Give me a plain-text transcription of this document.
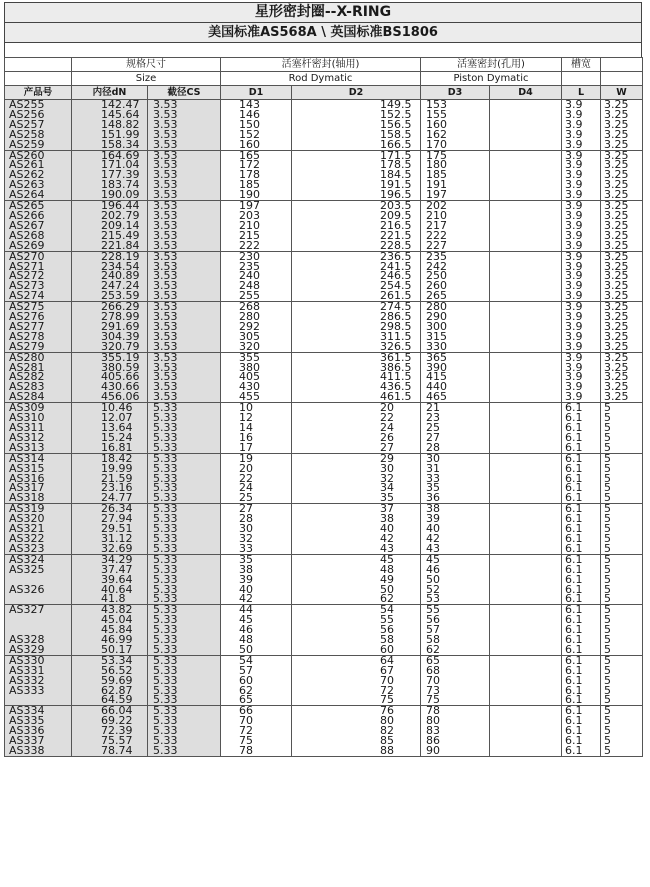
星形密封圈--X-RING
美国标准AS568A \ 英国标准BS1806
	规格尺寸		活塞杆密封(轴用)		活塞密封(孔用)		槽宽	
	Size		Rod Dymatic		Piston Dymatic			
产品号	内径dN	截径CS	D1	D2	D3	D4	L	W
AS255	142.47	3.53	143	149.5	153		3.9	3.25
AS256	145.64	3.53	146	152.5	155		3.9	3.25
AS257	148.82	3.53	150	156.5	160		3.9	3.25
AS258	151.99	3.53	152	158.5	162		3.9	3.25
AS259	158.34	3.53	160	166.5	170		3.9	3.25
AS260	164.69	3.53	165	171.5	175		3.9	3.25
AS261	171.04	3.53	172	178.5	180		3.9	3.25
AS262	177.39	3.53	178	184.5	185		3.9	3.25
AS263	183.74	3.53	185	191.5	191		3.9	3.25
AS264	190.09	3.53	190	196.5	197		3.9	3.25
AS265	196.44	3.53	197	203.5	202		3.9	3.25
AS266	202.79	3.53	203	209.5	210		3.9	3.25
AS267	209.14	3.53	210	216.5	217		3.9	3.25
AS268	215.49	3.53	215	221.5	222		3.9	3.25
AS269	221.84	3.53	222	228.5	227		3.9	3.25
AS270	228.19	3.53	230	236.5	235		3.9	3.25
AS271	234.54	3.53	235	241.5	242		3.9	3.25
AS272	240.89	3.53	240	246.5	250		3.9	3.25
AS273	247.24	3.53	248	254.5	260		3.9	3.25
AS274	253.59	3.53	255	261.5	265		3.9	3.25
AS275	266.29	3.53	268	274.5	280		3.9	3.25
AS276	278.99	3.53	280	286.5	290		3.9	3.25
AS277	291.69	3.53	292	298.5	300		3.9	3.25
AS278	304.39	3.53	305	311.5	315		3.9	3.25
AS279	320.79	3.53	320	326.5	330		3.9	3.25
AS280	355.19	3.53	355	361.5	365		3.9	3.25
AS281	380.59	3.53	380	386.5	390		3.9	3.25
AS282	405.66	3.53	405	411.5	415		3.9	3.25
AS283	430.66	3.53	430	436.5	440		3.9	3.25
AS284	456.06	3.53	455	461.5	465		3.9	3.25
AS309	10.46	5.33	10	20	21		6.1	5
AS310	12.07	5.33	12	22	23		6.1	5
AS311	13.64	5.33	14	24	25		6.1	5
AS312	15.24	5.33	16	26	27		6.1	5
AS313	16.81	5.33	17	27	28		6.1	5
AS314	18.42	5.33	19	29	30		6.1	5
AS315	19.99	5.33	20	30	31		6.1	5
AS316	21.59	5.33	22	32	33		6.1	5
AS317	23.16	5.33	24	34	35		6.1	5
AS318	24.77	5.33	25	35	36		6.1	5
AS319	26.34	5.33	27	37	38		6.1	5
AS320	27.94	5.33	28	38	39		6.1	5
AS321	29.51	5.33	30	40	40		6.1	5
AS322	31.12	5.33	32	42	42		6.1	5
AS323	32.69	5.33	33	43	43		6.1	5
AS324	34.29	5.33	35	45	45		6.1	5
AS325	37.47	5.33	38	48	46		6.1	5
	39.64	5.33	39	49	50		6.1	5
AS326	40.64	5.33	40	50	52		6.1	5
	41.8	5.33	42	62	53		6.1	5
AS327	43.82	5.33	44	54	55		6.1	5
	45.04	5.33	45	55	56		6.1	5
	45.84	5.33	46	56	57		6.1	5
AS328	46.99	5.33	48	58	58		6.1	5
AS329	50.17	5.33	50	60	62		6.1	5
AS330	53.34	5.33	54	64	65		6.1	5
AS331	56.52	5.33	57	67	68		6.1	5
AS332	59.69	5.33	60	70	70		6.1	5
AS333	62.87	5.33	62	72	73		6.1	5
	64.59	5.33	65	75	75		6.1	5
AS334	66.04	5.33	66	76	78		6.1	5
AS335	69.22	5.33	70	80	80		6.1	5
AS336	72.39	5.33	72	82	83		6.1	5
AS337	75.57	5.33	75	85	86		6.1	5
AS338	78.74	5.33	78	88	90		6.1	5
